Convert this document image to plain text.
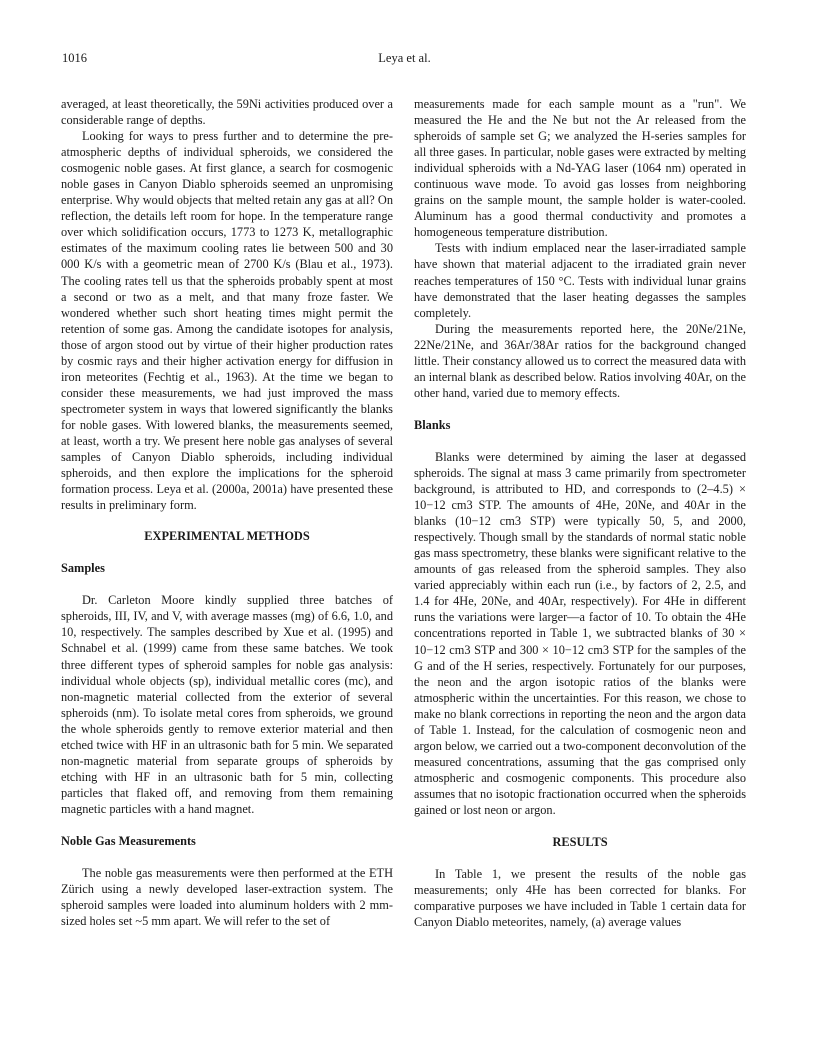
1016	Leya et al.

averaged, at least theoretically, the 59Ni activities produced over a considerable range of depths.

Looking for ways to press further and to determine the pre-atmospheric depths of individual spheroids, we considered the cosmogenic noble gases. At first glance, a search for cosmogenic noble gases in Canyon Diablo spheroids seemed an unpromising enterprise. Why would objects that melted retain any gas at all? On reflection, the details left room for hope. In the temperature range over which solidification occurs, 1773 to 1273 K, metallographic estimates of the maximum cooling rates lie between 500 and 30 000 K/s with a geometric mean of 2700 K/s (Blau et al., 1973). The cooling rates tell us that the spheroids probably spent at most a second or two as a melt, and that many froze faster. We wondered whether such short heating times might permit the retention of some gas. Among the candidate isotopes for analysis, those of argon stood out by virtue of their higher production rates by cosmic rays and their higher activation energy for diffusion in iron meteorites (Fechtig et al., 1963). At the time we began to consider these measurements, we had just improved the mass spectrometer system in ways that lowered significantly the blanks for noble gases. With lowered blanks, the measurements seemed, at least, worth a try. We present here noble gas analyses of several samples of Canyon Diablo spheroids, including individual spheroids, and then explore the implications for the spheroid formation process. Leya et al. (2000a, 2001a) have presented these results in preliminary form.

EXPERIMENTAL METHODS
Samples

Dr. Carleton Moore kindly supplied three batches of spheroids, III, IV, and V, with average masses (mg) of 6.6, 1.0, and 10, respectively. The samples described by Xue et al. (1995) and Schnabel et al. (1999) came from these same batches. We took three different types of spheroid samples for noble gas analysis: individual whole objects (sp), individual metallic cores (mc), and non-magnetic material collected from the exterior of several spheroids (nm). To isolate metal cores from spheroids, we ground the whole spheroids gently to remove exterior material and then etched twice with HF in an ultrasonic bath for 5 min. We separated non-magnetic material from separate groups of spheroids by etching with HF in an ultrasonic bath for 5 min, collecting particles that flaked off, and removing from them remaining magnetic particles with a hand magnet.

Noble Gas Measurements

The noble gas measurements were then performed at the ETH Zürich using a newly developed laser-extraction system. The spheroid samples were loaded into aluminum holders with 2 mm-sized holes set ~5 mm apart. We will refer to the set of

measurements made for each sample mount as a "run". We measured the He and the Ne but not the Ar released from the spheroids of sample set G; we analyzed the H-series samples for all three gases. In particular, noble gases were extracted by melting individual spheroids with a Nd-YAG laser (1064 nm) operated in continuous wave mode. To avoid gas losses from neighboring grains on the sample mount, the sample holder is water-cooled. Aluminum has a good thermal conductivity and promotes a homogeneous temperature distribution.

Tests with indium emplaced near the laser-irradiated sample have shown that material adjacent to the irradiated grain never reaches temperatures of 150 °C. Tests with individual lunar grains have demonstrated that the laser heating degasses the samples completely.

During the measurements reported here, the 20Ne/21Ne, 22Ne/21Ne, and 36Ar/38Ar ratios for the background changed little. Their constancy allowed us to correct the measured data with an internal blank as described below. Ratios involving 40Ar, on the other hand, varied due to memory effects.

Blanks

Blanks were determined by aiming the laser at degassed spheroids. The signal at mass 3 came primarily from spectrometer background, is attributed to HD, and corresponds to (2–4.5) × 10−12 cm3 STP. The amounts of 4He, 20Ne, and 40Ar in the blanks (10−12 cm3 STP) were typically 50, 5, and 2000, respectively. Though small by the standards of normal static noble gas mass spectrometry, these blanks were significant relative to the amounts of gas released from the spheroid samples. They also varied appreciably within each run (i.e., by factors of 2, 2.5, and 1.4 for 4He, 20Ne, and 40Ar, respectively). For 4He in different runs the variations were larger—a factor of 10. To obtain the 4He concentrations reported in Table 1, we subtracted blanks of 30 × 10−12 cm3 STP and 300 × 10−12 cm3 STP for the samples of the G and of the H series, respectively. Fortunately for our purposes, the neon and the argon isotopic ratios of the blanks were atmospheric within the uncertainties. For this reason, we chose to make no blank corrections in reporting the neon and the argon data of Table 1. Instead, for the calculation of cosmogenic neon and argon below, we carried out a two-component deconvolution of the measured concentrations, assuming that the gas comprised only atmospheric and cosmogenic components. This procedure also assumes that no isotopic fractionation occurred when the spheroids gained or lost neon or argon.

RESULTS

In Table 1, we present the results of the noble gas measurements; only 4He has been corrected for blanks. For comparative purposes we have included in Table 1 certain data for Canyon Diablo meteorites, namely, (a) average values
